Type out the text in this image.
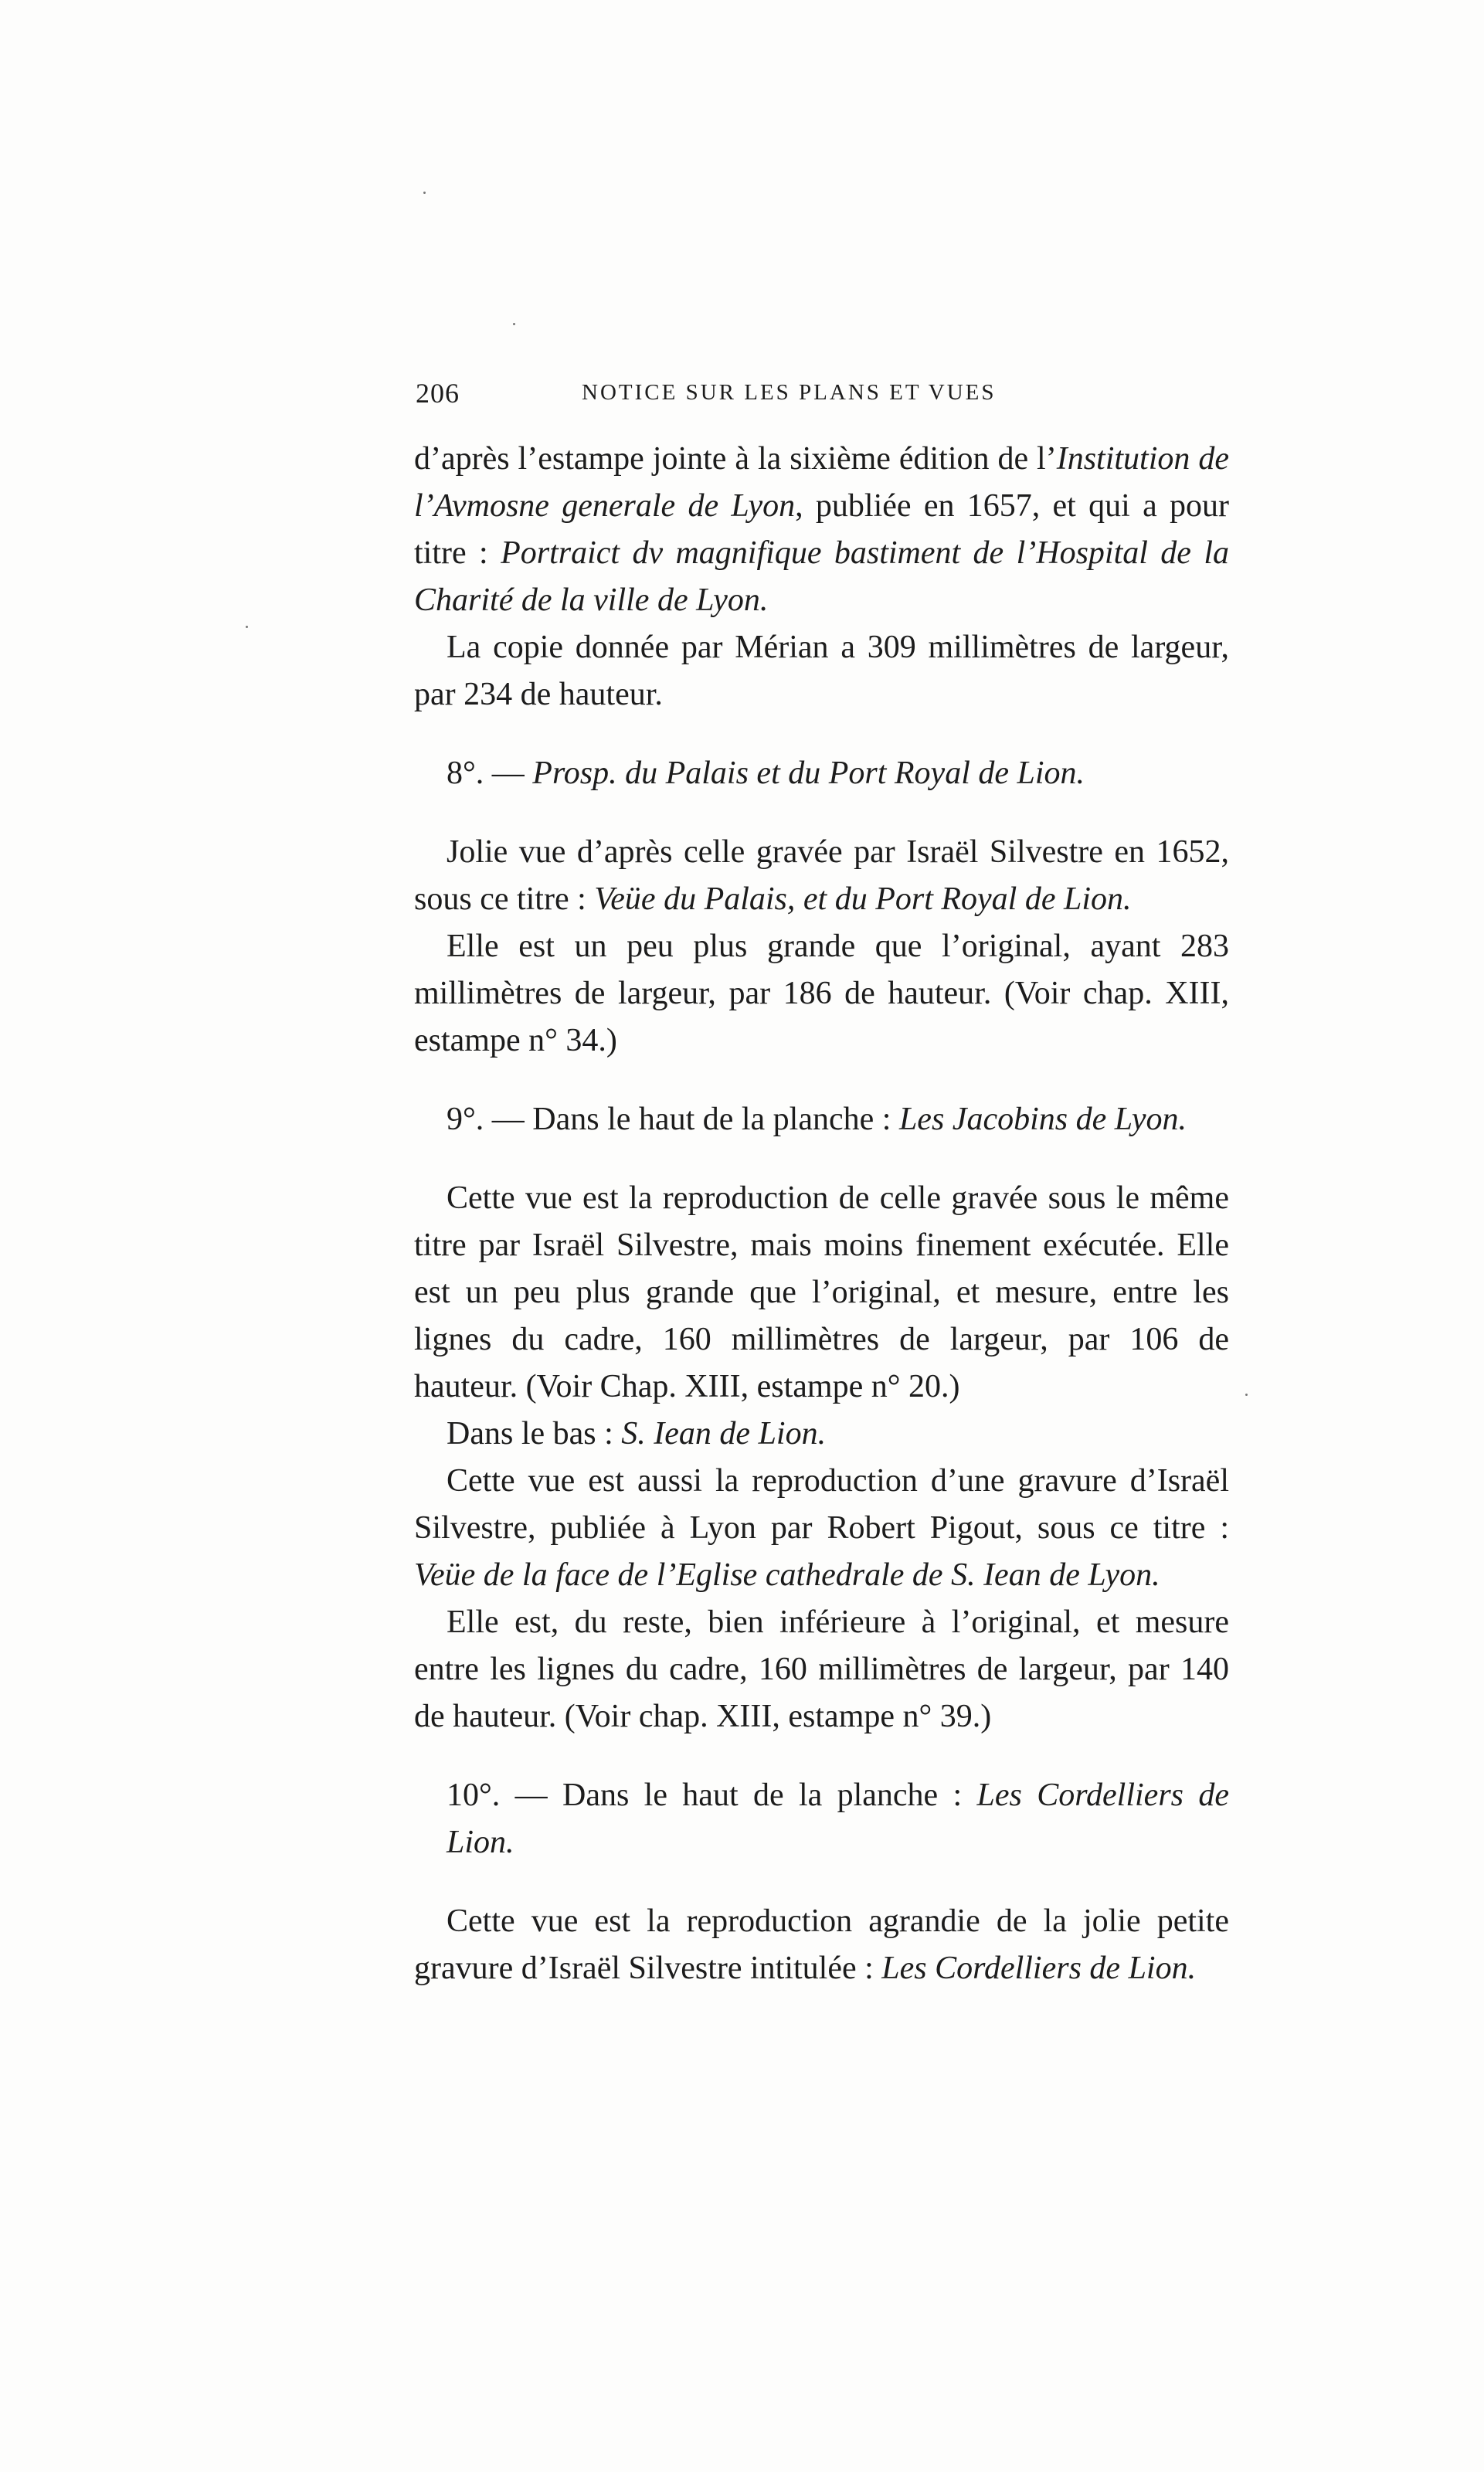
206	NOTICE SUR LES PLANS ET VUES

d’après l’estampe jointe à la sixième édition de l’Institution de l’Avmosne generale de Lyon, publiée en 1657, et qui a pour titre : Portraict dv magnifique bastiment de l’Hospital de la Charité de la ville de Lyon.

La copie donnée par Mérian a 309 millimètres de largeur, par 234 de hauteur.

8°. — Prosp. du Palais et du Port Royal de Lion.

Jolie vue d’après celle gravée par Israël Silvestre en 1652, sous ce titre : Veüe du Palais, et du Port Royal de Lion.

Elle est un peu plus grande que l’original, ayant 283 millimètres de largeur, par 186 de hauteur. (Voir chap. XIII, estampe n° 34.)

9°. — Dans le haut de la planche : Les Jacobins de Lyon.

Cette vue est la reproduction de celle gravée sous le même titre par Israël Silvestre, mais moins finement exécutée. Elle est un peu plus grande que l’original, et mesure, entre les lignes du cadre, 160 millimètres de largeur, par 106 de hauteur. (Voir Chap. XIII, estampe n° 20.)

Dans le bas : S. Iean de Lion.

Cette vue est aussi la reproduction d’une gravure d’Israël Silvestre, publiée à Lyon par Robert Pigout, sous ce titre : Veüe de la face de l’Eglise cathedrale de S. Iean de Lyon.

Elle est, du reste, bien inférieure à l’original, et mesure entre les lignes du cadre, 160 millimètres de largeur, par 140 de hauteur. (Voir chap. XIII, estampe n° 39.)

10°. — Dans le haut de la planche : Les Cordelliers de Lion.

Cette vue est la reproduction agrandie de la jolie petite gravure d’Israël Silvestre intitulée : Les Cordelliers de Lion.
